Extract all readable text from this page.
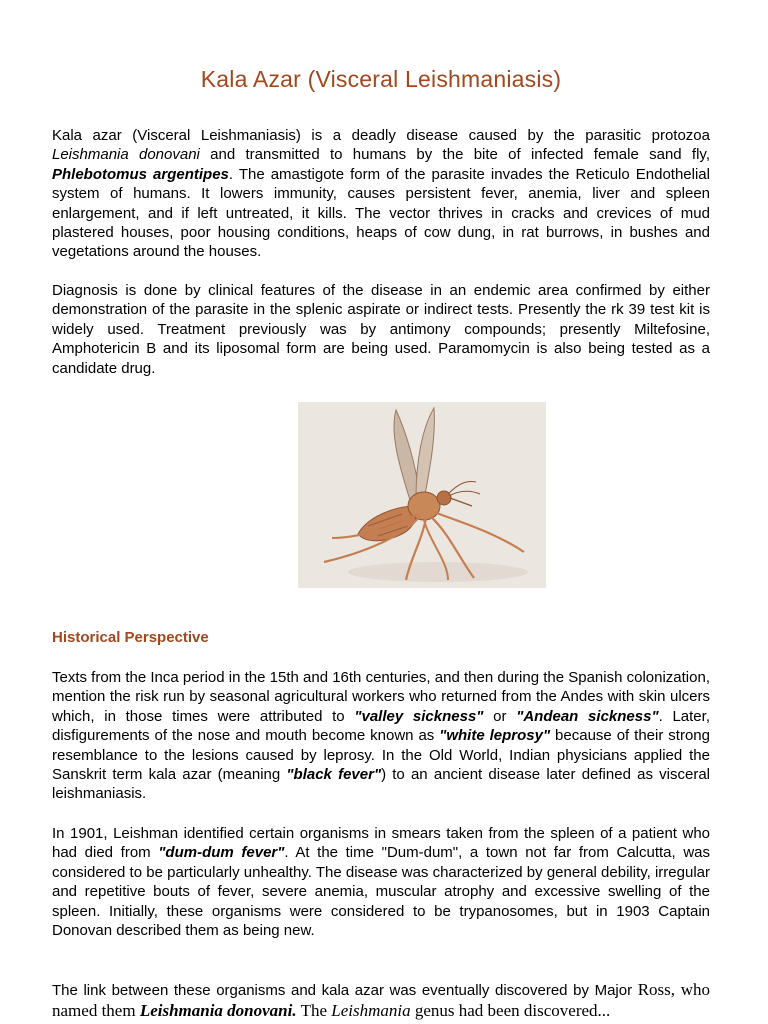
Kala Azar (Visceral Leishmaniasis)

Kala azar (Visceral Leishmaniasis) is a deadly disease caused by the parasitic protozoa Leishmania donovani and transmitted to humans by the bite of infected female sand fly, Phlebotomus argentipes. The amastigote form of the parasite invades the Reticulo Endothelial system of humans. It lowers immunity, causes persistent fever, anemia, liver and spleen enlargement, and if left untreated, it kills. The vector thrives in cracks and crevices of mud plastered houses, poor housing conditions, heaps of cow dung, in rat burrows, in bushes and vegetations around the houses.

Diagnosis is done by clinical features of the disease in an endemic area confirmed by either demonstration of the parasite in the splenic aspirate or indirect tests. Presently the rk 39 test kit is widely used. Treatment previously was by antimony compounds; presently Miltefosine, Amphotericin B and its liposomal form are being used. Paramomycin is also being tested as a candidate drug.

Historical Perspective

Texts from the Inca period in the 15th and 16th centuries, and then during the Spanish colonization, mention the risk run by seasonal agricultural workers who returned from the Andes with skin ulcers which, in those times were attributed to "valley sickness" or "Andean sickness". Later, disfigurements of the nose and mouth become known as "white leprosy" because of their strong resemblance to the lesions caused by leprosy. In the Old World, Indian physicians applied the Sanskrit term kala azar (meaning "black fever") to an ancient disease later defined as visceral leishmaniasis.

In 1901, Leishman identified certain organisms in smears taken from the spleen of a patient who had died from "dum-dum fever". At the time "Dum-dum", a town not far from Calcutta, was considered to be particularly unhealthy. The disease was characterized by general debility, irregular and repetitive bouts of fever, severe anemia, muscular atrophy and excessive swelling of the spleen. Initially, these organisms were considered to be trypanosomes, but in 1903 Captain Donovan described them as being new.

The link between these organisms and kala azar was eventually discovered by Major Ross, who named them Leishmania donovani. The Leishmania genus had been discovered...
